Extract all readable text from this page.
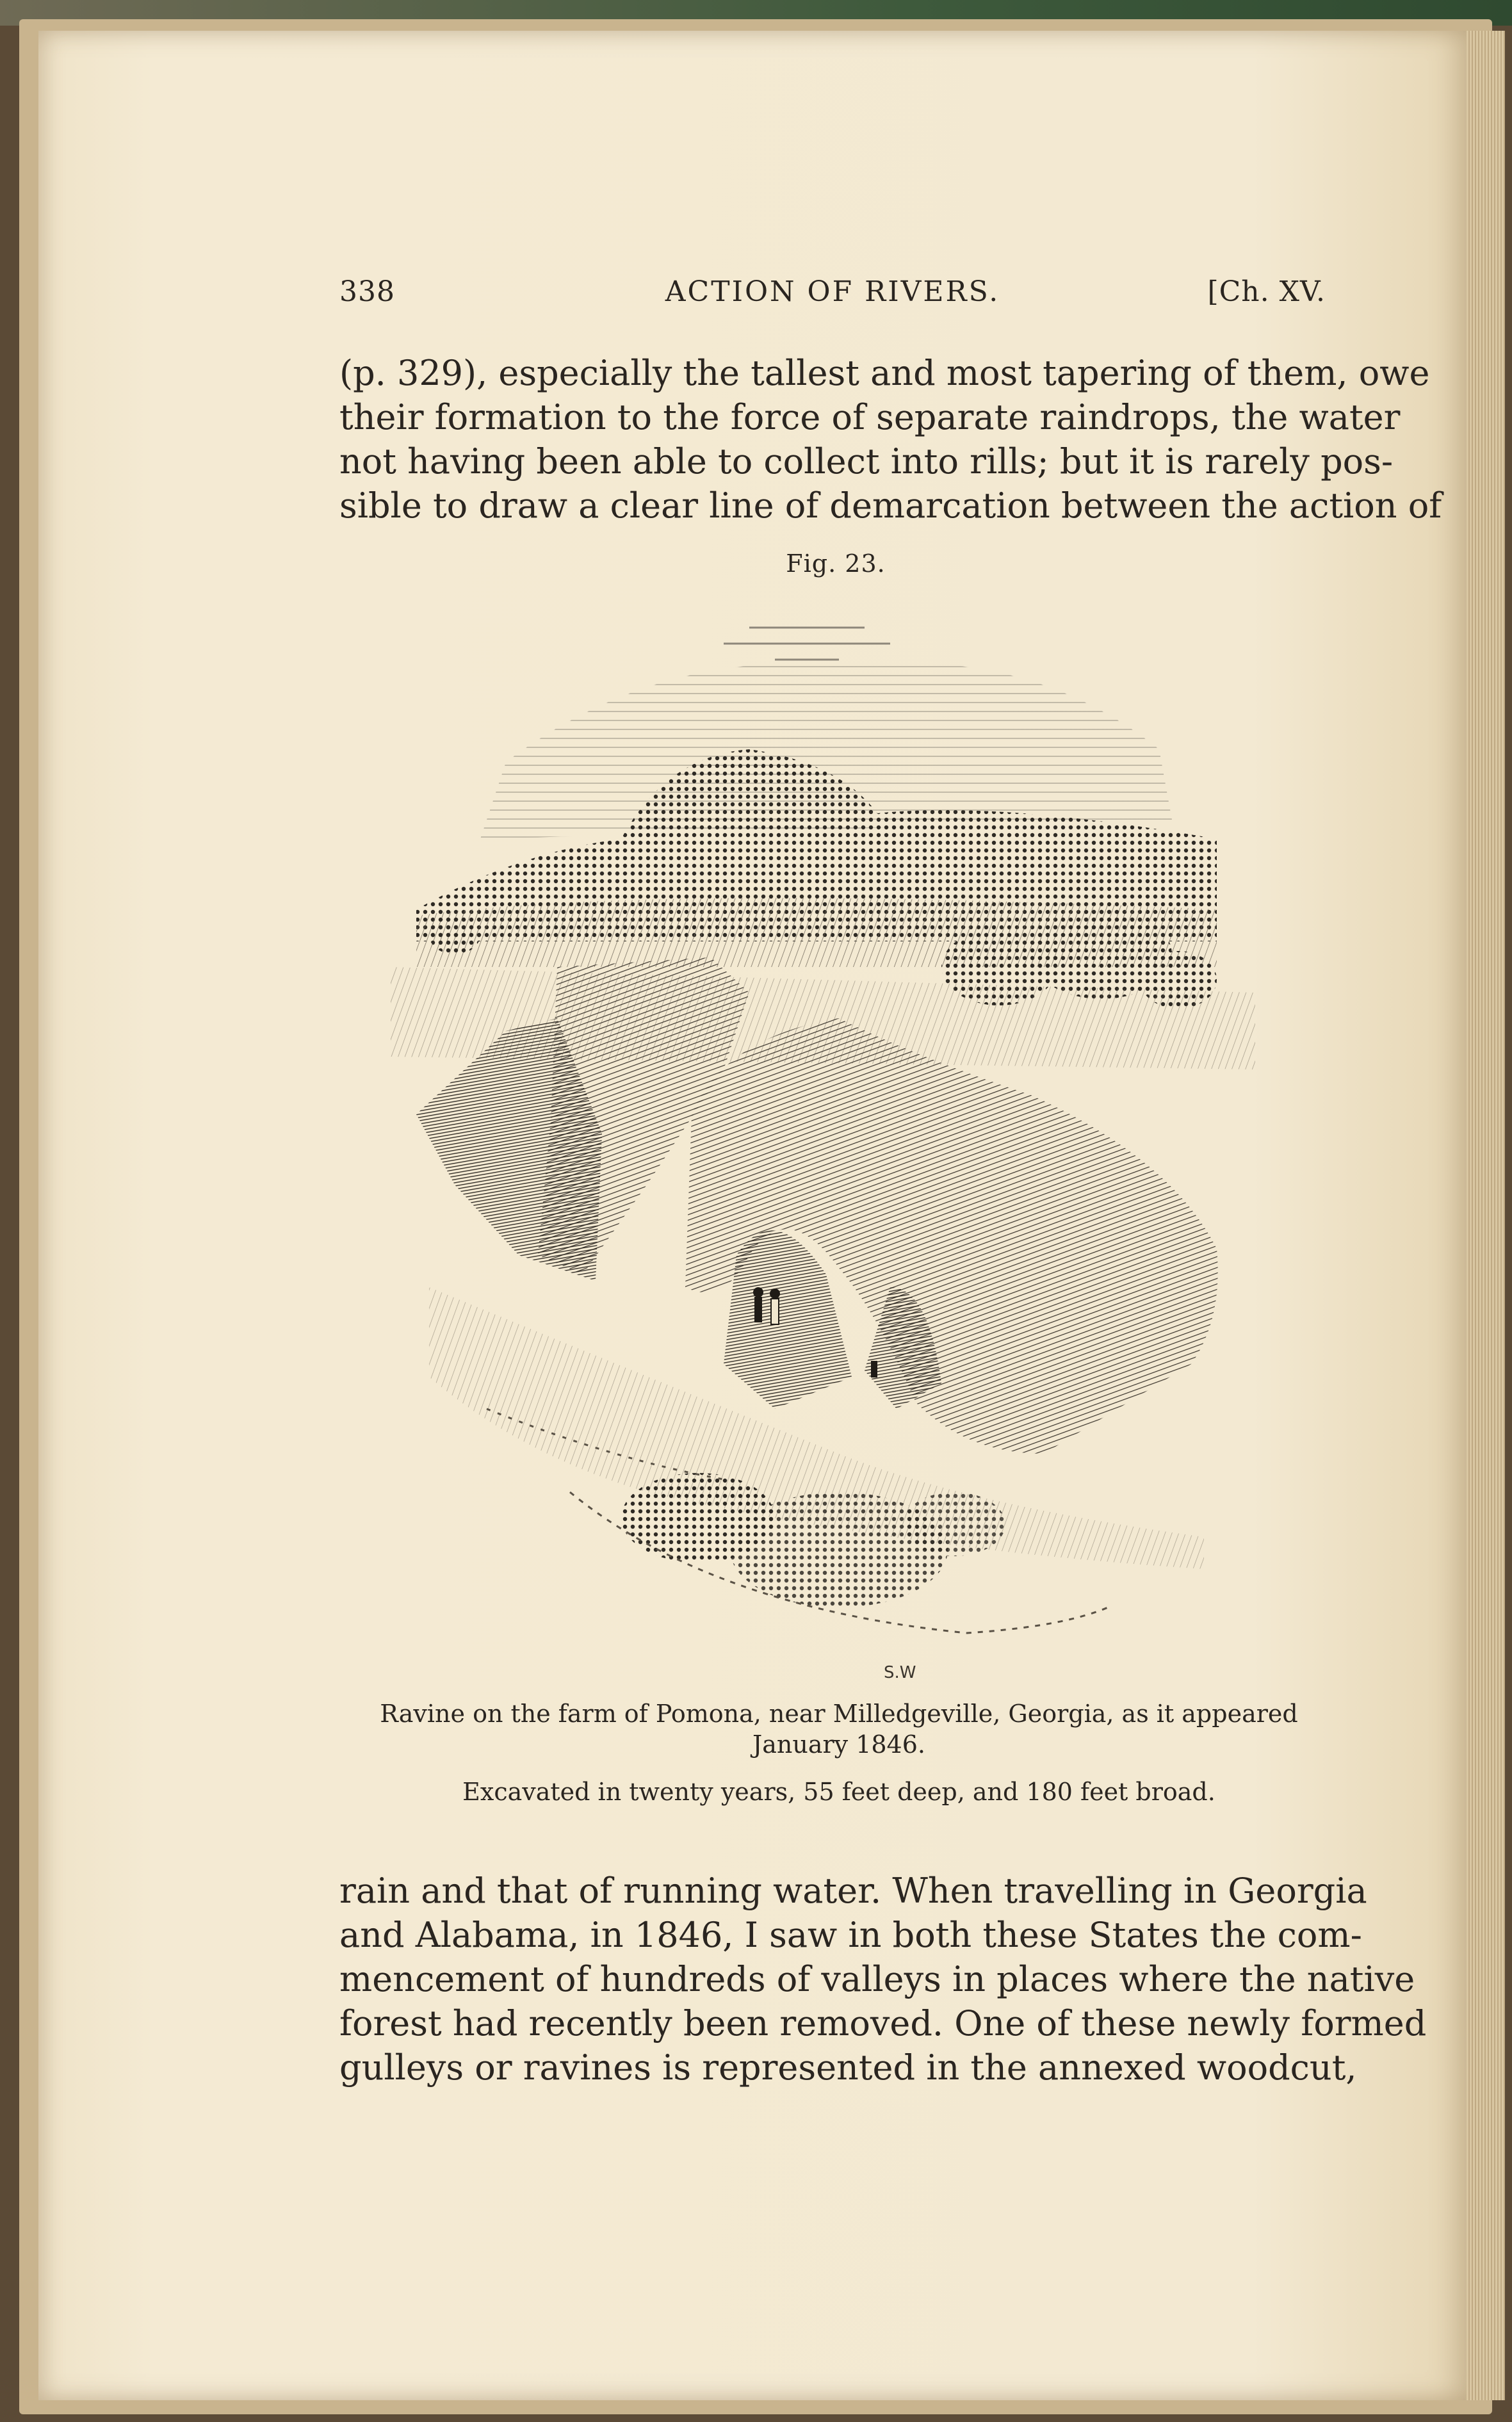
338	ACTION OF RIVERS.	[Ch. XV.
(p. 329), especially the tallest and most tapering of them, owe
their formation to the force of separate raindrops, the water
not having been able to collect into rills; but it is rarely pos-
sible to draw a clear line of demarcation between the action of
Fig. 23.
S.W
Ravine on the farm of Pomona, near Milledgeville, Georgia, as it appeared
January 1846.
Excavated in twenty years, 55 feet deep, and 180 feet broad.
rain and that of running water. When travelling in Georgia
and Alabama, in 1846, I saw in both these States the com-
mencement of hundreds of valleys in places where the native
forest had recently been removed. One of these newly formed
gulleys or ravines is represented in the annexed woodcut,
